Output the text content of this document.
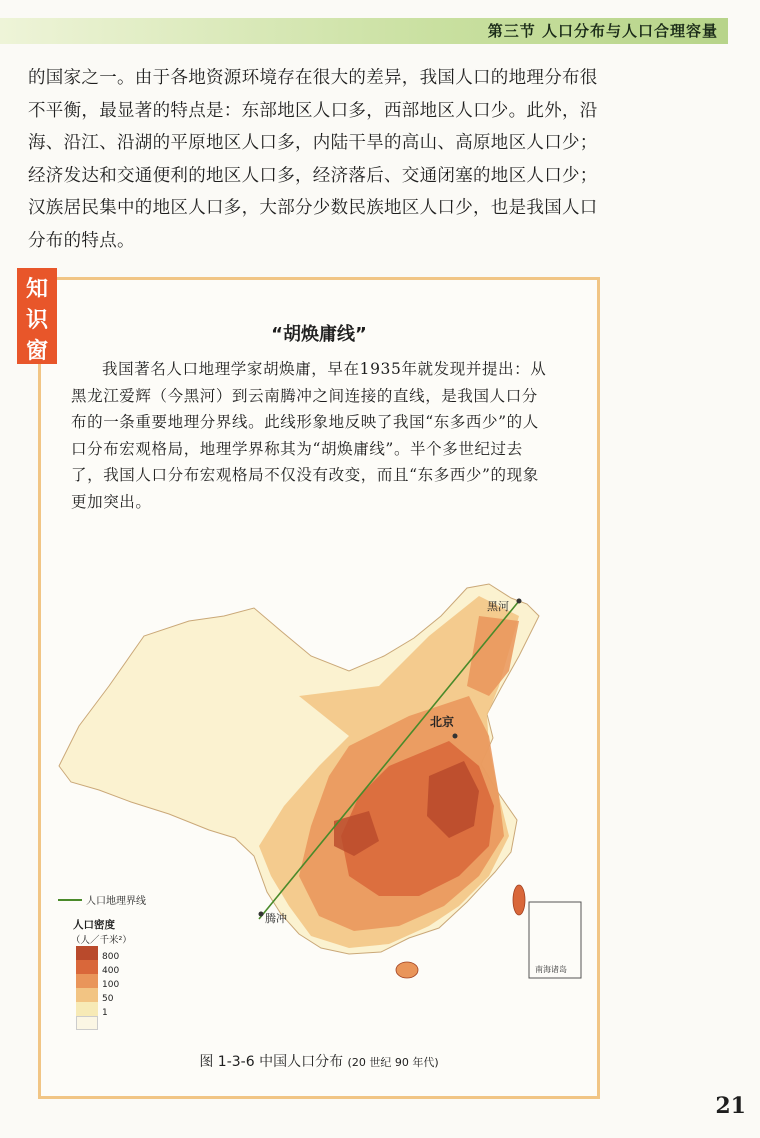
第三节 人口分布与人口合理容量

的国家之一。由于各地资源环境存在很大的差异，我国人口的地理分布很不平衡，最显著的特点是：东部地区人口多，西部地区人口少。此外，沿海、沿江、沿湖的平原地区人口多，内陆干旱的高山、高原地区人口少；经济发达和交通便利的地区人口多，经济落后、交通闭塞的地区人口少；汉族居民集中的地区人口多，大部分少数民族地区人口少，也是我国人口分布的特点。

“胡焕庸线”

我国著名人口地理学家胡焕庸，早在1935年就发现并提出：从黑龙江爱辉（今黑河）到云南腾冲之间连接的直线，是我国人口分布的一条重要地理分界线。此线形象地反映了我国“东多西少”的人口分布宏观格局，地理学界称其为“胡焕庸线”。半个多世纪过去了，我国人口分布宏观格局不仅没有改变，而且“东多西少”的现象更加突出。

南海诸岛
黑河
北京
腾冲
人口地理界线
人口密度
（人／千米²）
800
400
100
50
1
图 1-3-6 中国人口分布 (20 世纪 90 年代)
知
识
窗
21
